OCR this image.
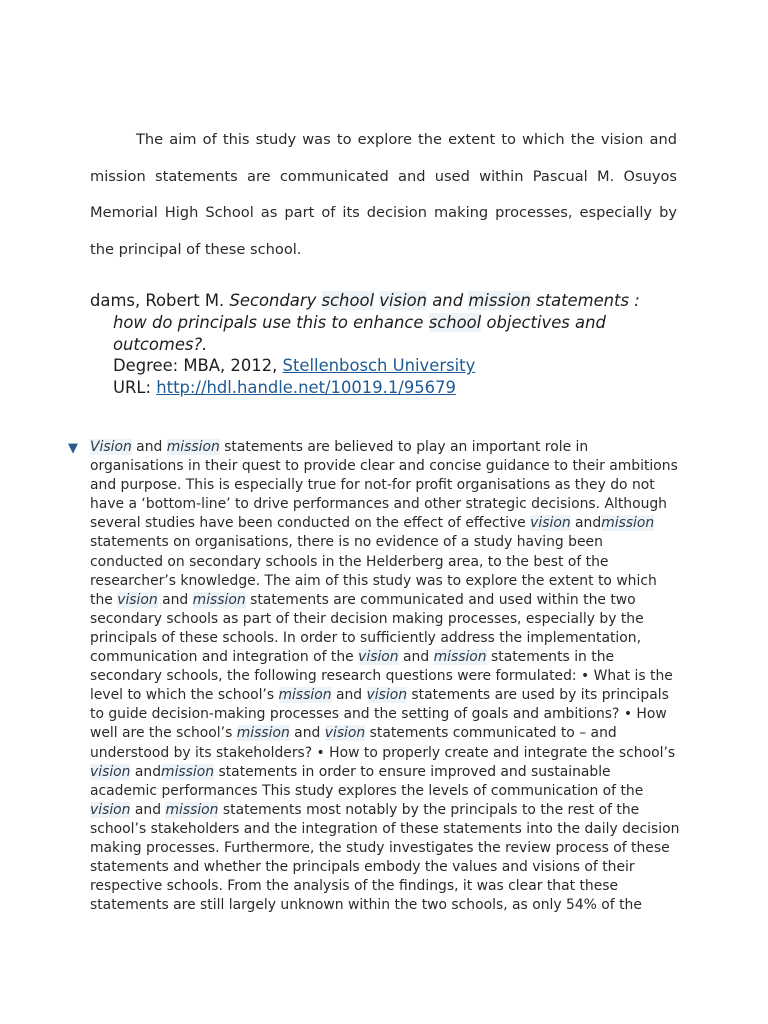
The aim of this study was to explore the extent to which the vision and mission statements are communicated and used within Pascual M. Osuyos Memorial High School as part of its decision making processes, especially by the principal of these school.

dams, Robert M. Secondary school vision and mission statements : how do principals use this to enhance school objectives and outcomes?.

Degree: MBA, 2012, Stellenbosch University

URL: http://hdl.handle.net/10019.1/95679

▼ Vision and mission statements are believed to play an important role in organisations in their quest to provide clear and concise guidance to their ambitions and purpose. This is especially true for not-for profit organisations as they do not have a ‘bottom-line’ to drive performances and other strategic decisions. Although several studies have been conducted on the effect of effective vision andmission statements on organisations, there is no evidence of a study having been conducted on secondary schools in the Helderberg area, to the best of the researcher’s knowledge. The aim of this study was to explore the extent to which the vision and mission statements are communicated and used within the two secondary schools as part of their decision making processes, especially by the principals of these schools. In order to sufficiently address the implementation, communication and integration of the vision and mission statements in the secondary schools, the following research questions were formulated: • What is the level to which the school’s mission and vision statements are used by its principals to guide decision-making processes and the setting of goals and ambitions? • How well are the school’s mission and vision statements communicated to – and understood by its stakeholders? • How to properly create and integrate the school’s vision andmission statements in order to ensure improved and sustainable academic performances This study explores the levels of communication of the vision and mission statements most notably by the principals to the rest of the school’s stakeholders and the integration of these statements into the daily decision making processes. Furthermore, the study investigates the review process of these statements and whether the principals embody the values and visions of their respective schools. From the analysis of the findings, it was clear that these statements are still largely unknown within the two schools, as only 54% of the
